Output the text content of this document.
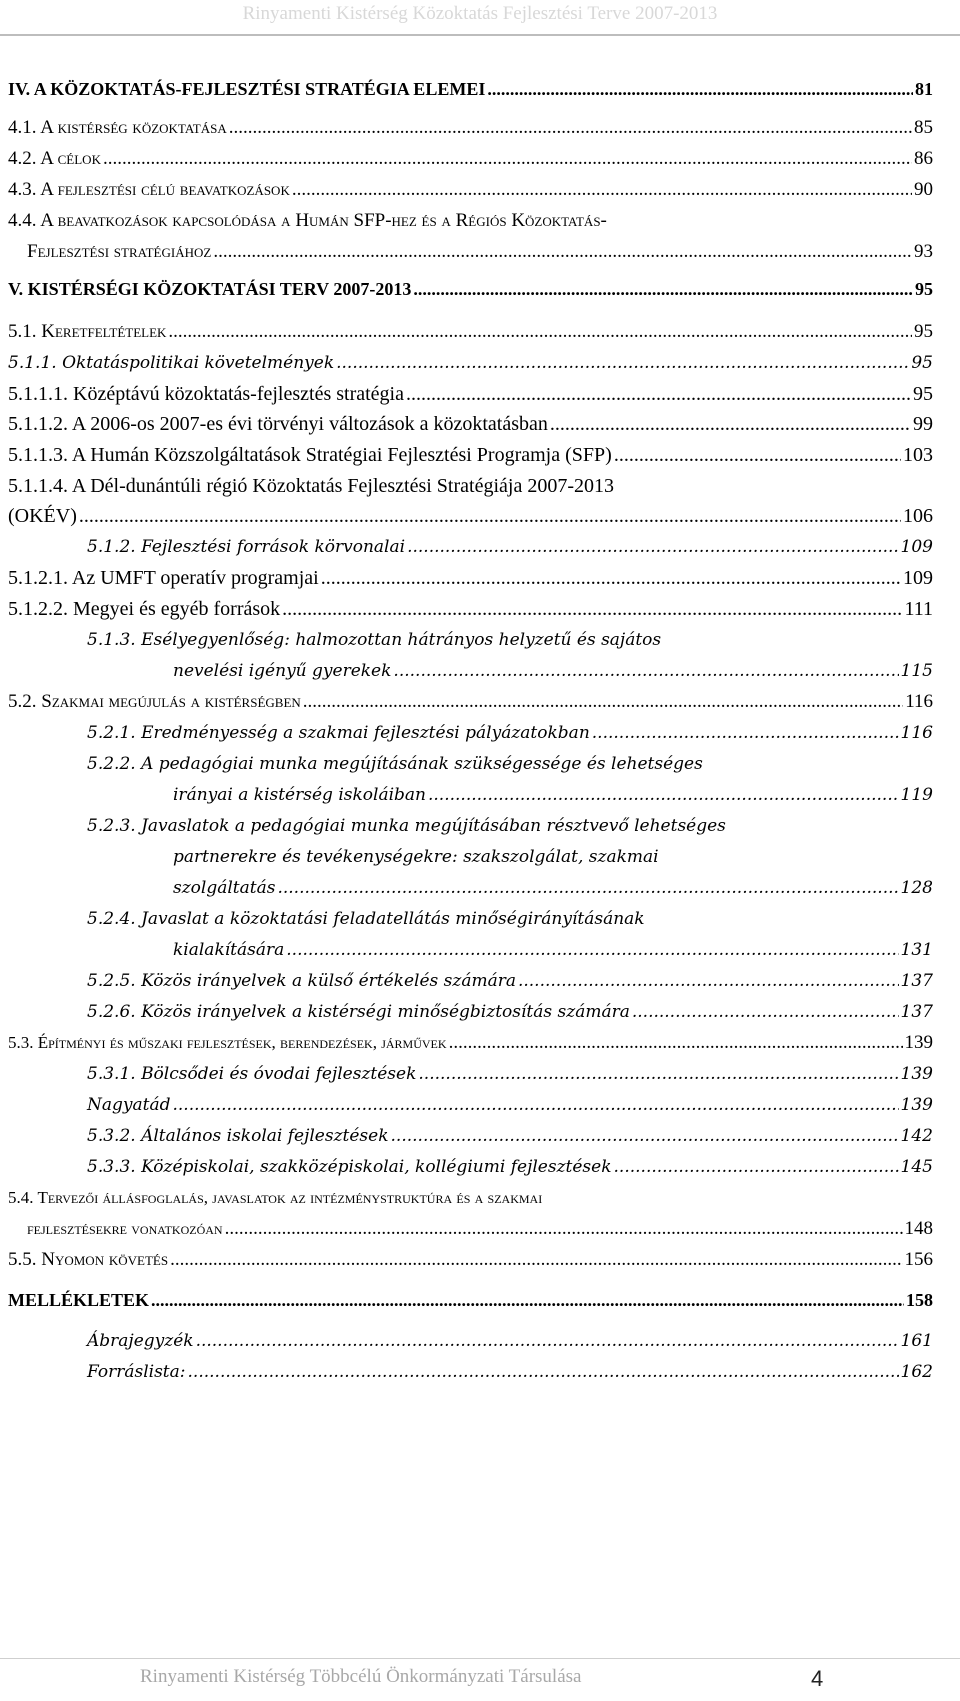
Rinyamenti Kistérség Közoktatás Fejlesztési Terve 2007-2013
IV. A KÖZOKTATÁS-FEJLESZTÉSI STRATÉGIA ELEMEI .....	81
4.1. A kistérség közoktatása .....	85
4.2. A célok .....	86
4.3. A fejlesztési célú beavatkozások .....	90
4.4. A beavatkozások kapcsolódása a Humán SFP-hez és a Régiós Közoktatás-
Fejlesztési stratégiához .....	93
V. KISTÉRSÉGI KÖZOKTATÁSI TERV 2007-2013 .....	95
5.1. Keretfeltételek .....	95
5.1.1. Oktatáspolitikai követelmények .....	95
5.1.1.1. Középtávú közoktatás-fejlesztés stratégia .....	95
5.1.1.2. A 2006-os 2007-es évi törvényi változások a közoktatásban .....	99
5.1.1.3. A Humán Közszolgáltatások Stratégiai Fejlesztési Programja (SFP) .....	103
5.1.1.4. A Dél-dunántúli régió Közoktatás Fejlesztési Stratégiája 2007-2013
(OKÉV) .....	106
5.1.2. Fejlesztési források körvonalai .....	109
5.1.2.1. Az UMFT operatív programjai .....	109
5.1.2.2. Megyei és egyéb források .....	111
5.1.3. Esélyegyenlőség: halmozottan hátrányos helyzetű és sajátos
nevelési igényű gyerekek .....	115
5.2. Szakmai megújulás a kistérségben .....	116
5.2.1. Eredményesség a szakmai fejlesztési pályázatokban .....	116
5.2.2. A pedagógiai munka megújításának szükségessége és lehetséges
irányai a kistérség iskoláiban .....	119
5.2.3. Javaslatok a pedagógiai munka megújításában résztvevő lehetséges
partnerekre és tevékenységekre: szakszolgálat, szakmai
szolgáltatás .....	128
5.2.4. Javaslat a közoktatási feladatellátás minőségirányításának
kialakítására .....	131
5.2.5. Közös irányelvek a külső értékelés számára .....	137
5.2.6. Közös irányelvek a kistérségi minőségbiztosítás számára .....	137
5.3. Építményi és műszaki fejlesztések, berendezések, járművek .....	139
5.3.1. Bölcsődei és óvodai fejlesztések .....	139
Nagyatád .....	139
5.3.2. Általános iskolai fejlesztések .....	142
5.3.3. Középiskolai, szakközépiskolai, kollégiumi fejlesztések .....	145
5.4. Tervezői állásfoglalás, javaslatok az intézménystruktúra és a szakmai
fejlesztésekre vonatkozóan .....	148
5.5. Nyomon követés .....	156
MELLÉKLETEK .....	158
Ábrajegyzék .....	161
Forráslista: .....	162
Rinyamenti Kistérség Többcélú Önkormányzati Társulása	4
